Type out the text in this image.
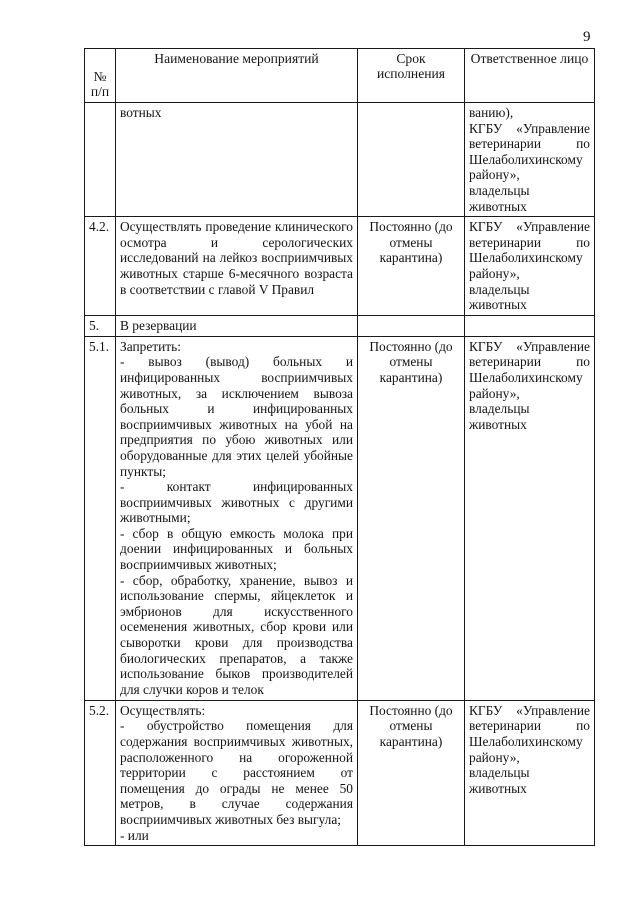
9
№ п/п	Наименование мероприятий	Срок исполнения	Ответственное лицо

	вотных		ванию),
КГБУ «Управление ветеринарии по Шелаболихинскому району»,
владельцы животных

4.2.	Осуществлять проведение клинического осмотра и серологических исследований на лейкоз восприимчивых животных старше 6-месячного возраста в соответствии с главой V Правил	Постоянно (до отмены карантина)	КГБУ «Управление ветеринарии по Шелаболихинскому району»,
владельцы животных

5.	В резервации		
5.1.	Запретить:
- вывоз (вывод) больных и инфицированных восприимчивых животных, за исключением вывоза больных и инфицированных восприимчивых животных на убой на предприятия по убою животных или оборудованные для этих целей убойные пункты;
- контакт инфицированных восприимчивых животных с другими животными;
- сбор в общую емкость молока при доении инфицированных и больных восприимчивых животных;
- сбор, обработку, хранение, вывоз и использование спермы, яйцеклеток и эмбрионов для искусственного осеменения животных, сбор крови или сыворотки крови для производства биологических препаратов, а также использование быков производителей для случки коров и телок	Постоянно (до отмены карантина)	КГБУ «Управление ветеринарии по Шелаболихинскому району»,
владельцы животных

5.2.	Осуществлять:
- обустройство помещения для содержания восприимчивых животных, расположенного на огороженной территории с расстоянием от помещения до ограды не менее 50 метров, в случае содержания восприимчивых животных без выгула;
- или	Постоянно (до отмены карантина)	КГБУ «Управление ветеринарии по Шелаболихинскому району»,
владельцы животных
